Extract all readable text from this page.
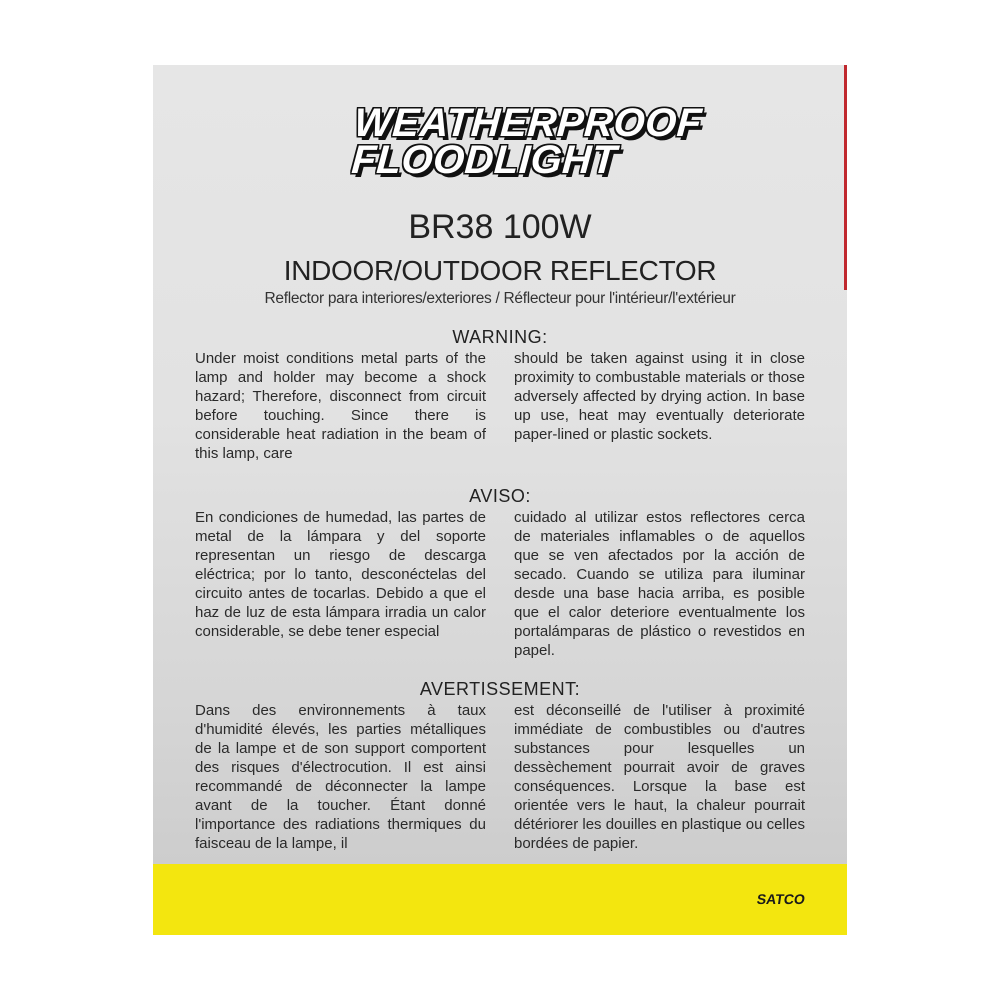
WEATHERPROOF
FLOODLIGHT
BR38 100W
INDOOR/OUTDOOR REFLECTOR
Reflector para interiores/exteriores / Réflecteur pour l'intérieur/l'extérieur
WARNING:

Under moist conditions metal parts of the lamp and holder may become a shock hazard; Therefore, disconnect from circuit before touching. Since there is considerable heat radiation in the beam of this lamp, care

should be taken against using it in close proximity to combustable materials or those adversely affected by drying action. In base up use, heat may eventually deteriorate paper-lined or plastic sockets.

AVISO:

En condiciones de humedad, las partes de metal de la lámpara y del soporte representan un riesgo de descarga eléctrica; por lo tanto, desconéctelas del circuito antes de tocarlas. Debido a que el haz de luz de esta lámpara irradia un calor considerable, se debe tener especial

cuidado al utilizar estos reflectores cerca de materiales inflamables o de aquellos que se ven afectados por la acción de secado. Cuando se utiliza para iluminar desde una base hacia arriba, es posible que el calor deteriore eventualmente los portalámparas de plástico o revestidos en papel.

AVERTISSEMENT:

Dans des environnements à taux d'humidité élevés, les parties métalliques de la lampe et de son support comportent des risques d'électrocution. Il est ainsi recommandé de déconnecter la lampe avant de la toucher. Étant donné l'importance des radiations thermiques du faisceau de la lampe, il

est déconseillé de l'utiliser à proximité immédiate de combustibles ou d'autres substances pour lesquelles un dessèchement pourrait avoir de graves conséquences. Lorsque la base est orientée vers le haut, la chaleur pourrait détériorer les douilles en plastique ou celles bordées de papier.

SATCO
